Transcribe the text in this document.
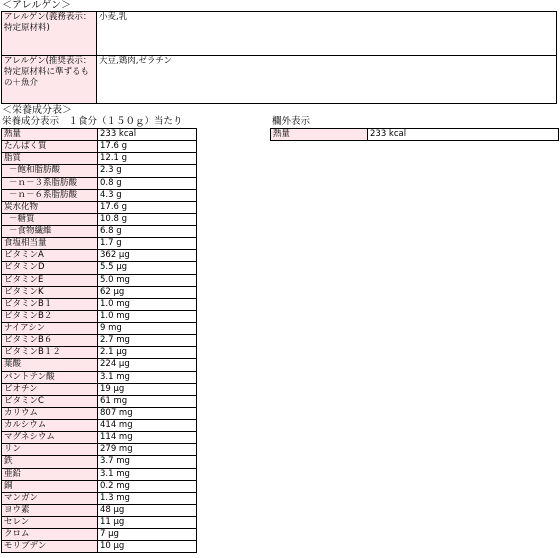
＜アレルゲン＞
アレルゲン(義務表示：特定原材料)	小麦,乳
アレルゲン(推奨表示：特定原材料に準ずるもの＋魚介	大豆,鶏肉,ゼラチン
＜栄養成分表＞
栄養成分表示　１食分（１５０ｇ）当たり	欄外表示
熱量	233 kcal
たんぱく質	17.6 g
脂質	12.1 g
－飽和脂肪酸	2.3 g
－ｎ－３系脂肪酸	0.8 g
－ｎ－６系脂肪酸	4.3 g
炭水化物	17.6 g
－糖質	10.8 g
－食物繊維	6.8 g
食塩相当量	1.7 g
ビタミンA	362 μg
ビタミンD	5.5 μg
ビタミンE	5.0 mg
ビタミンK	62 μg
ビタミンB１	1.0 mg
ビタミンB２	1.0 mg
ナイアシン	9 mg
ビタミンB６	2.7 mg
ビタミンB１２	2.1 μg
葉酸	224 μg
パントテン酸	3.1 mg
ビオチン	19 μg
ビタミンC	61 mg
カリウム	807 mg
カルシウム	414 mg
マグネシウム	114 mg
リン	279 mg
鉄	3.7 mg
亜鉛	3.1 mg
銅	0.2 mg
マンガン	1.3 mg
ヨウ素	48 μg
セレン	11 μg
クロム	7 μg
モリブデン	10 μg
熱量	233 kcal
